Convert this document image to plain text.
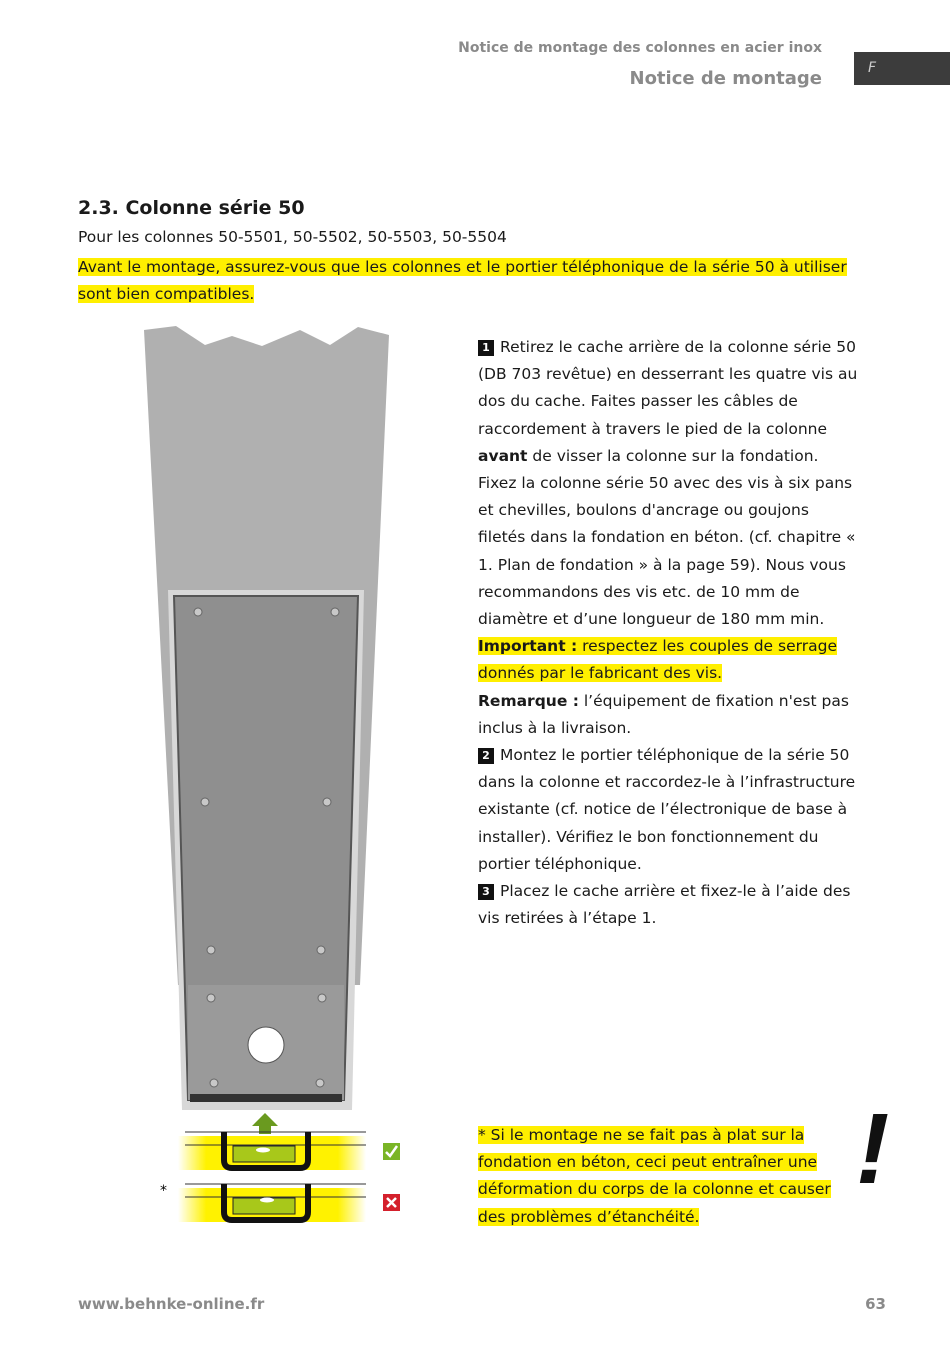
Notice de montage des colonnes en acier inox
Notice de montage	F
2.3. Colonne série 50
Pour les colonnes 50-5501, 50-5502, 50-5503, 50-5504
Avant le montage, assurez-vous que les colonnes et le portier téléphonique de la série 50 à utiliser sont bien compatibles.
*
1 Retirez le cache arrière de la colonne série 50 (DB 703 revêtue) en desserrant les quatre vis au dos du cache. Faites passer les câbles de raccordement à travers le pied de la colonne avant de visser la colonne sur la fondation. Fixez la colonne série 50 avec des vis à six pans et chevilles, boulons d'ancrage ou goujons filetés dans la fondation en béton. (cf. chapitre « 1. Plan de fondation » à la page 59). Nous vous recommandons des vis etc. de 10 mm de diamètre et d’une longueur de 180 mm min.
Important : respectez les couples de serrage donnés par le fabricant des vis.
Remarque : l’équipement de fixation n'est pas inclus à la livraison.
2 Montez le portier téléphonique de la série 50 dans la colonne et raccordez-le à l’infrastructure existante (cf. notice de l’électronique de base à installer). Vérifiez le bon fonctionnement du portier téléphonique.
3 Placez le cache arrière et fixez-le à l’aide des vis retirées à l’étape 1.
* Si le montage ne se fait pas à plat sur la fondation en béton, ceci peut entraîner une déformation du corps de la colonne et causer des problèmes d’étanchéité.
!
www.behnke-online.fr	63
